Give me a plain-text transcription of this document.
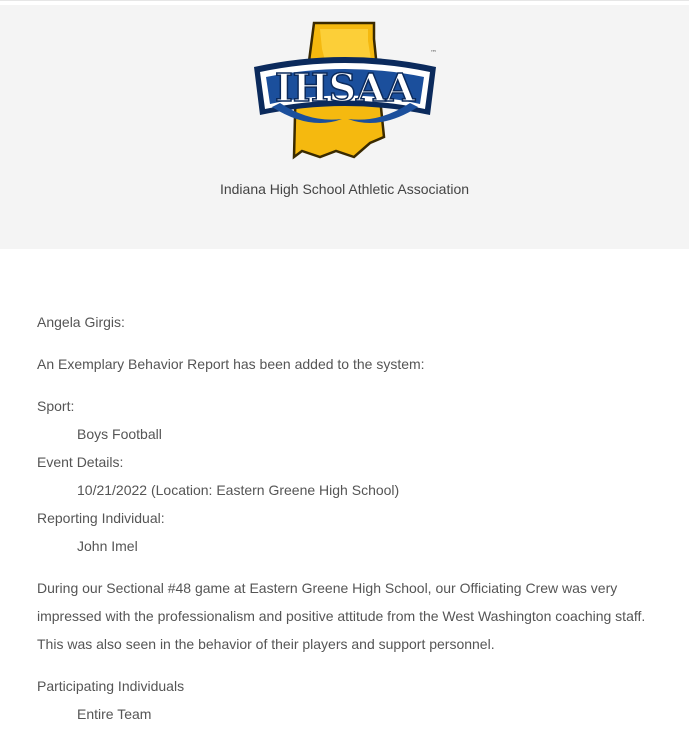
IHSAA
™
Indiana High School Athletic Association

Angela Girgis:

An Exemplary Behavior Report has been added to the system:

Sport:

Boys Football

Event Details:

10/21/2022 (Location: Eastern Greene High School)

Reporting Individual:

John Imel

During our Sectional #48 game at Eastern Greene High School, our Officiating Crew was very impressed with the professionalism and positive attitude from the West Washington coaching staff. This was also seen in the behavior of their players and support personnel.

Participating Individuals

Entire Team
